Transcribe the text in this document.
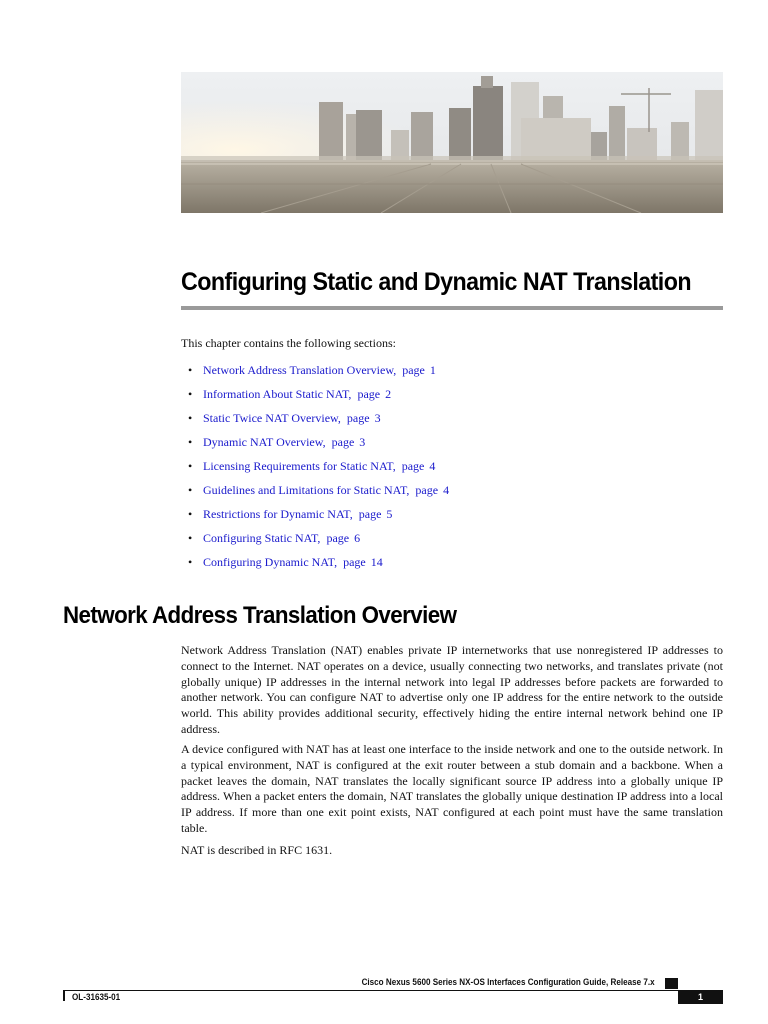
Configuring Static and Dynamic NAT Translation

This chapter contains the following sections:

• Network Address Translation Overview, page 1
• Information About Static NAT, page 2
• Static Twice NAT Overview, page 3
• Dynamic NAT Overview, page 3
• Licensing Requirements for Static NAT, page 4
• Guidelines and Limitations for Static NAT, page 4
• Restrictions for Dynamic NAT, page 5
• Configuring Static NAT, page 6
• Configuring Dynamic NAT, page 14
Network Address Translation Overview

Network Address Translation (NAT) enables private IP internetworks that use nonregistered IP addresses to connect to the Internet. NAT operates on a device, usually connecting two networks, and translates private (not globally unique) IP addresses in the internal network into legal IP addresses before packets are forwarded to another network. You can configure NAT to advertise only one IP address for the entire network to the outside world. This ability provides additional security, effectively hiding the entire internal network behind one IP address.

A device configured with NAT has at least one interface to the inside network and one to the outside network. In a typical environment, NAT is configured at the exit router between a stub domain and a backbone. When a packet leaves the domain, NAT translates the locally significant source IP address into a globally unique IP address. When a packet enters the domain, NAT translates the globally unique destination IP address into a local IP address. If more than one exit point exists, NAT configured at each point must have the same translation table.

NAT is described in RFC 1631.

Cisco Nexus 5600 Series NX-OS Interfaces Configuration Guide, Release 7.x

OL-31635-01	1
